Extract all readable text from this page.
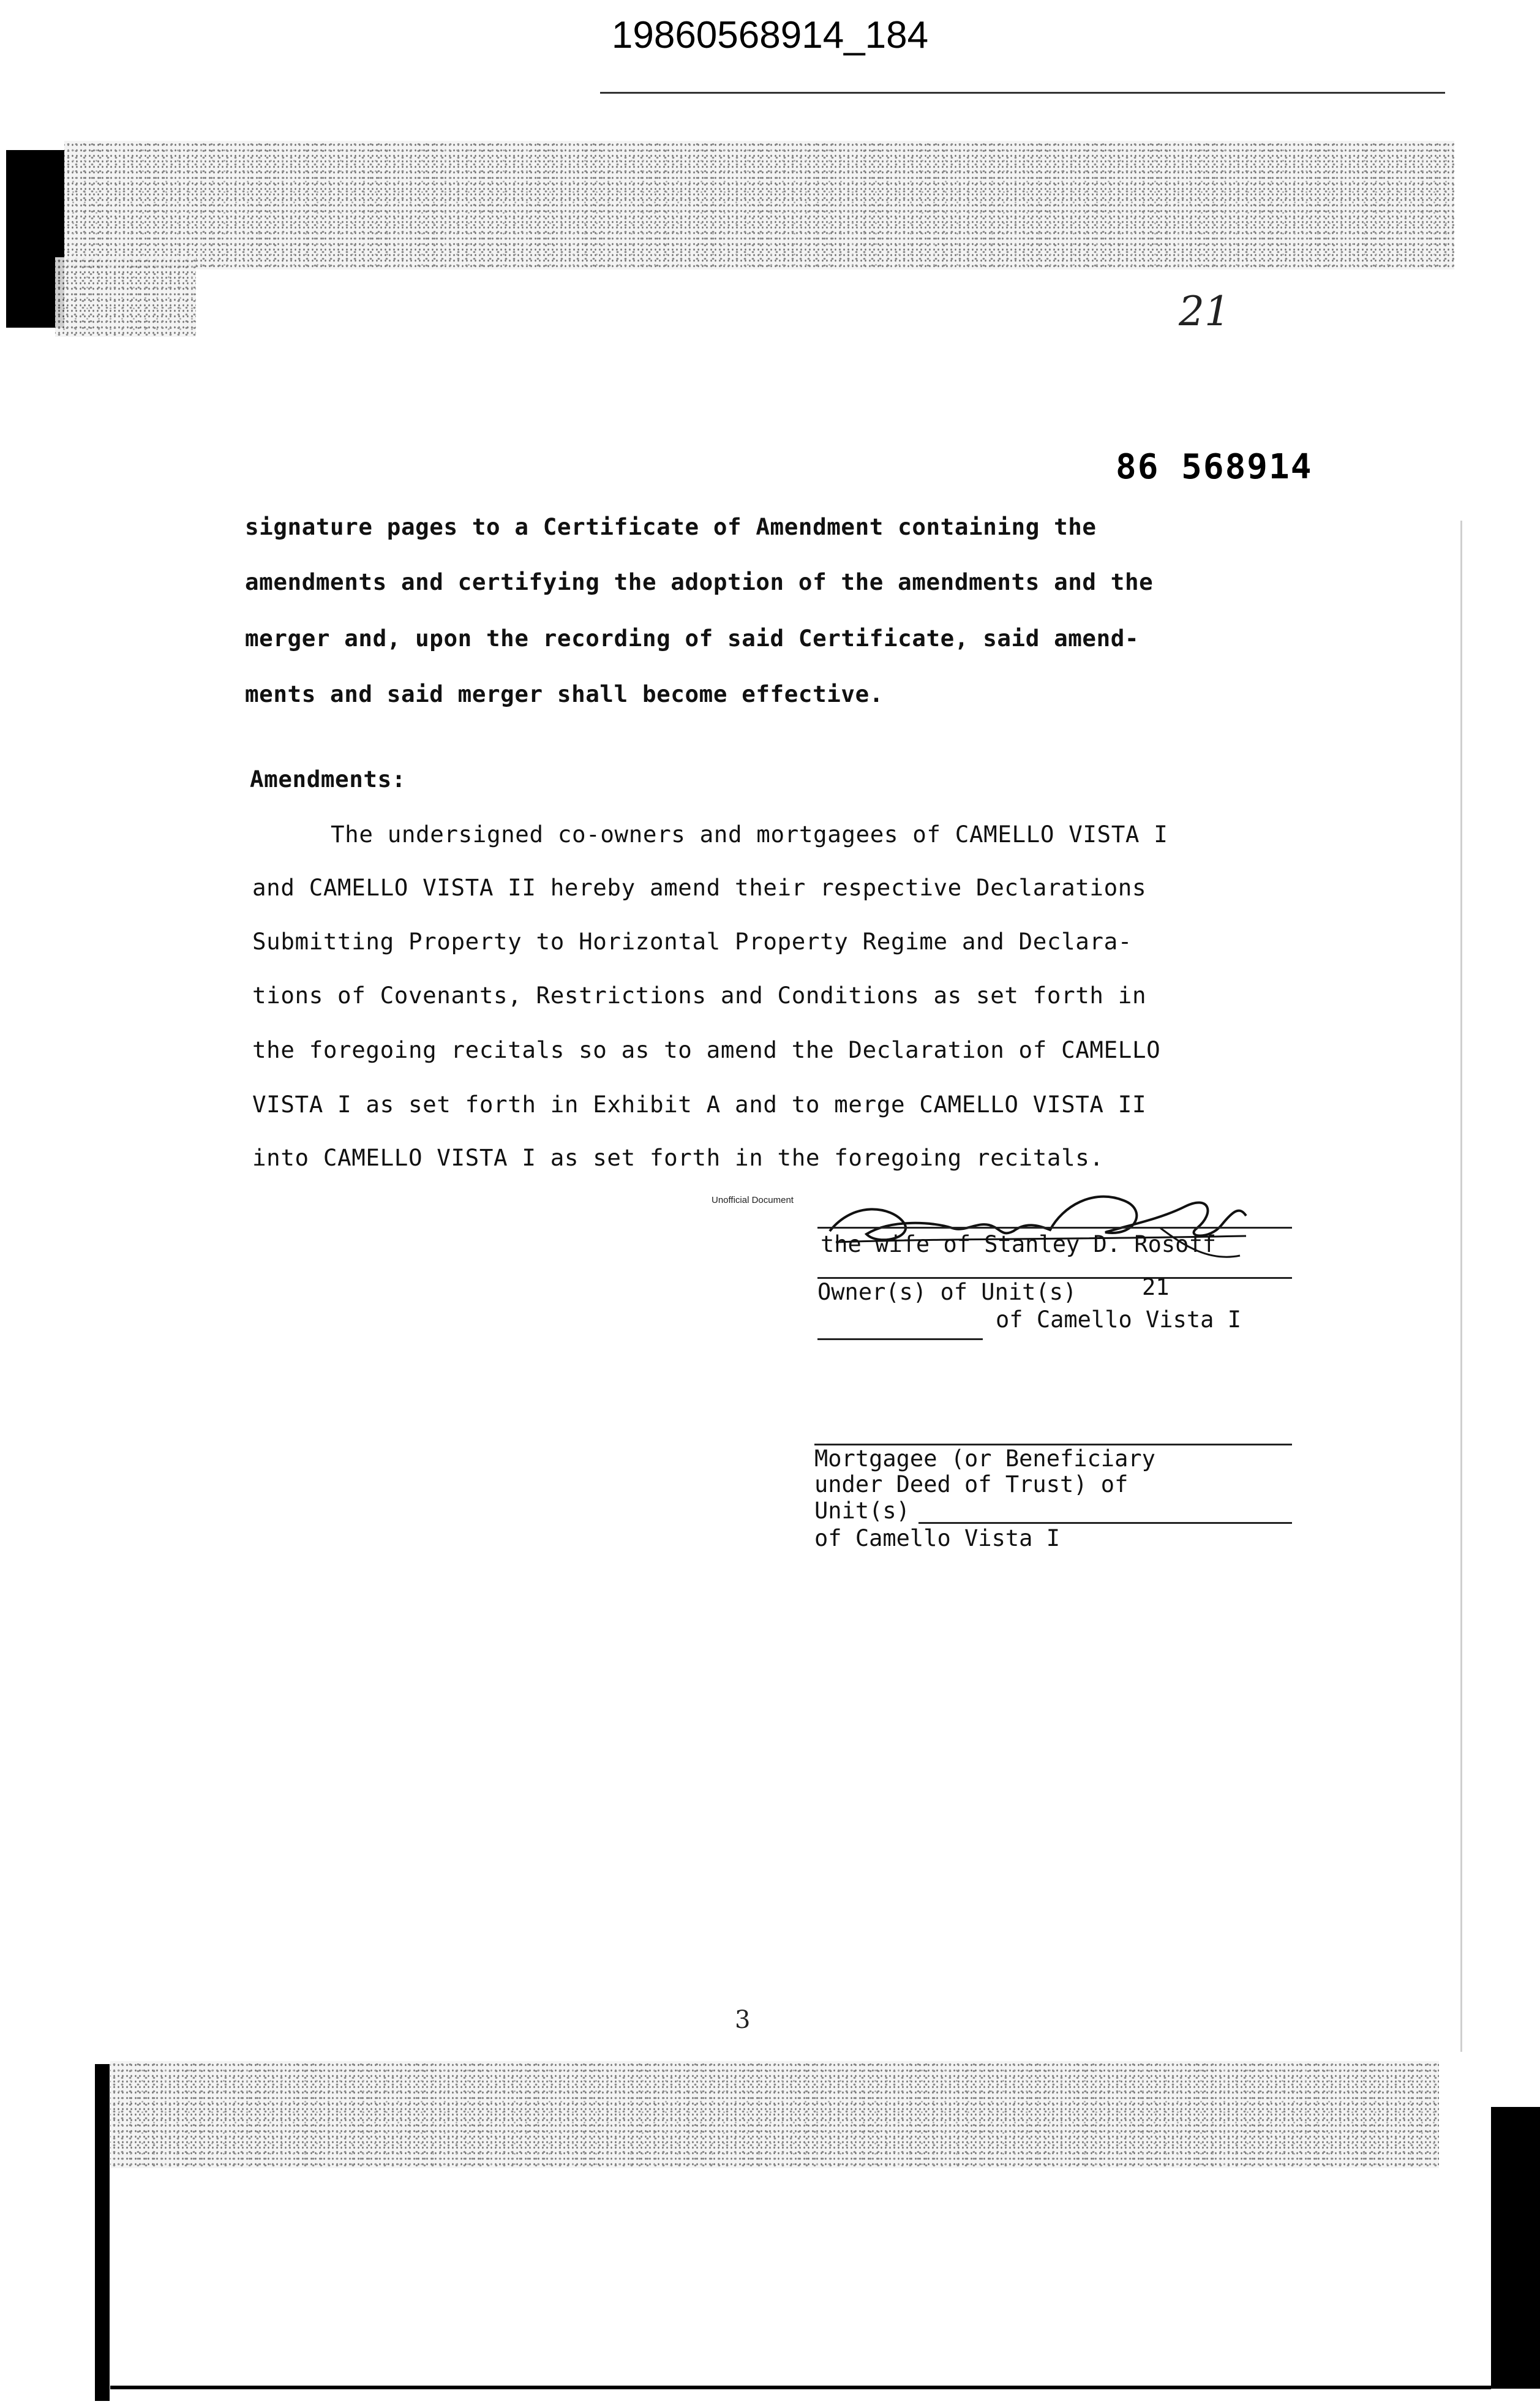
19860568914_184
21
86 568914
signature pages to a Certificate of Amendment containing the
amendments and certifying the adoption of the amendments and the
merger and, upon the recording of said Certificate, said amend-
ments and said merger shall become effective.
Amendments:
The undersigned co-owners and mortgagees of CAMELLO VISTA I
and CAMELLO VISTA II hereby amend their respective Declarations
Submitting Property to Horizontal Property Regime and Declara-
tions of Covenants, Restrictions and Conditions as set forth in
the foregoing recitals so as to amend the Declaration of CAMELLO
VISTA I as set forth in Exhibit A and to merge CAMELLO VISTA II
into CAMELLO VISTA I as set forth in the foregoing recitals.
Unofficial Document
the wife of Stanley D. Rosoff
Owner(s) of Unit(s)	21
of Camello Vista I
Mortgagee (or Beneficiary
under Deed of Trust) of
Unit(s)
of Camello Vista I
3
